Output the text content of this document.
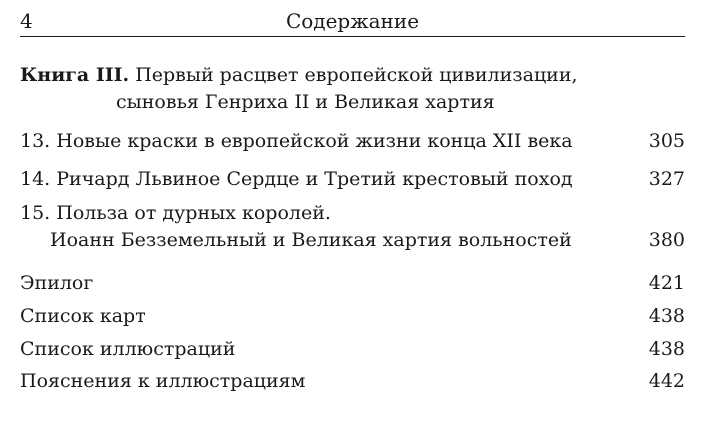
4	Содержание
Книга III. Первый расцвет европейской цивилизации,
сыновья Генриха II и Великая хартия
13. Новые краски в европейской жизни конца XII века	305
14. Ричард Львиное Сердце и Третий крестовый поход	327
15. Польза от дурных королей.
Иоанн Безземельный и Великая хартия вольностей	380
Эпилог	421
Список карт	438
Список иллюстраций	438
Пояснения к иллюстрациям	442
